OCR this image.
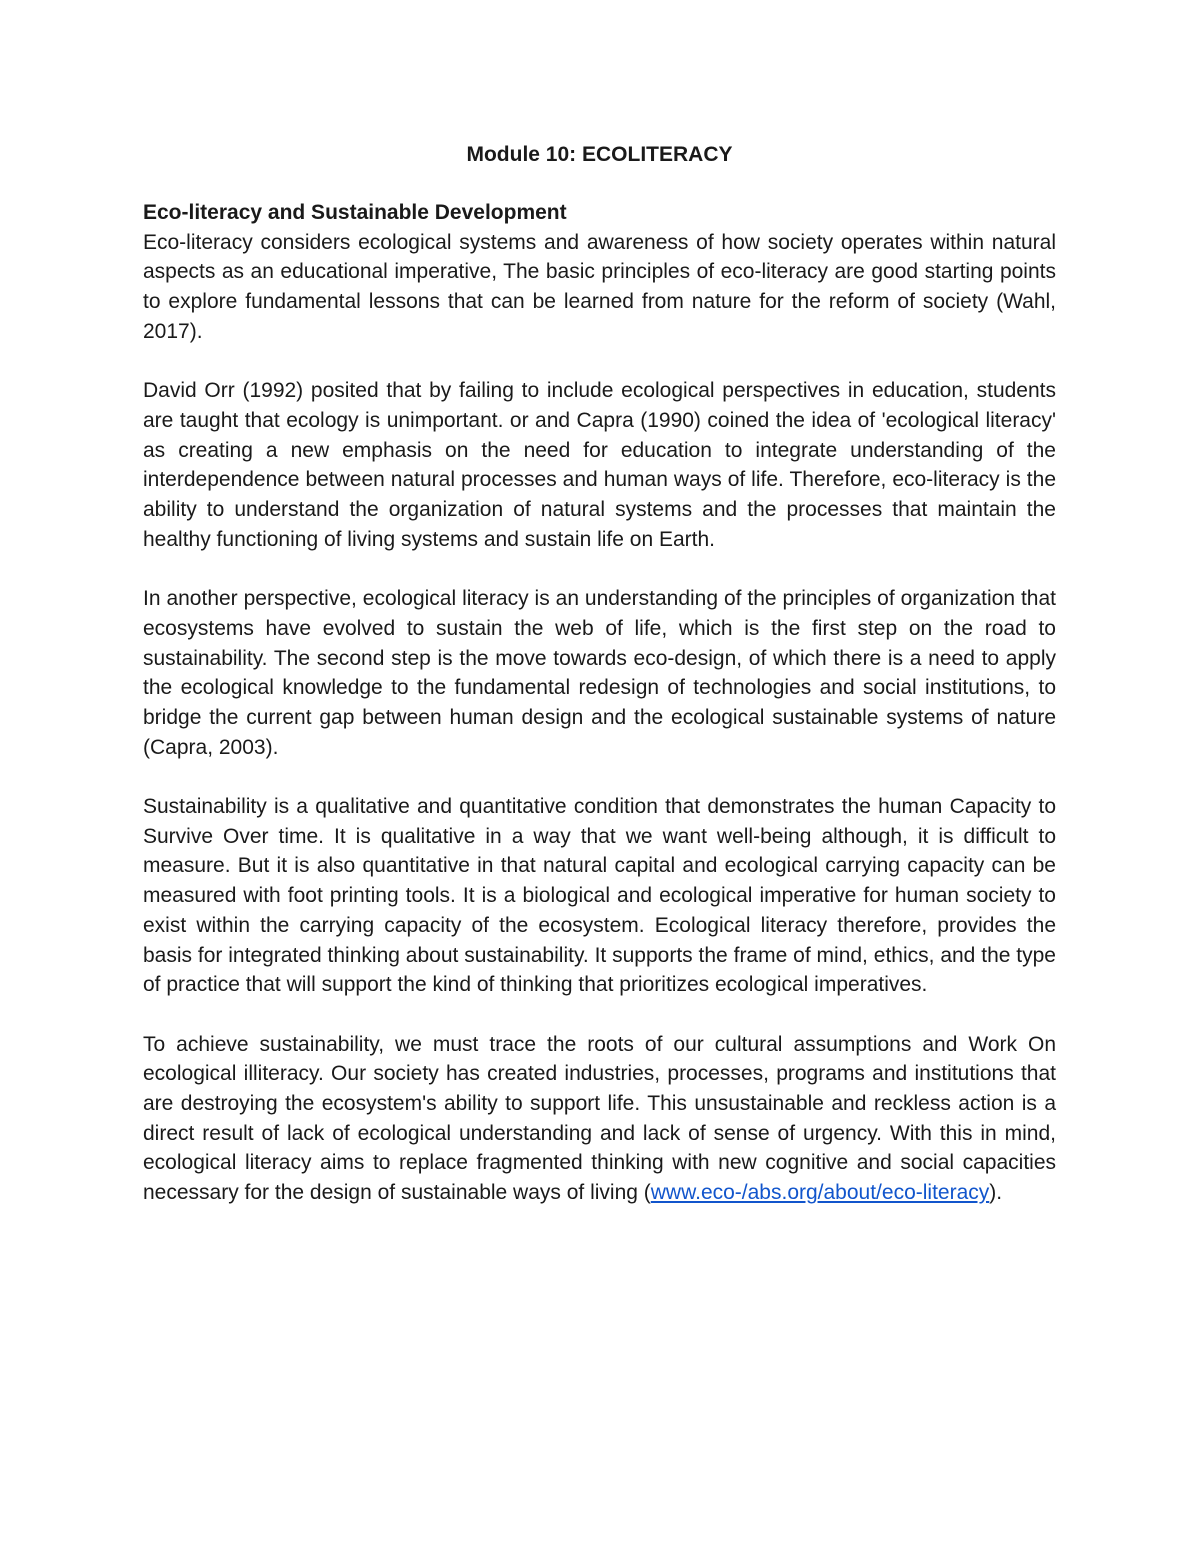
Module 10: ECOLITERACY
Eco-literacy and Sustainable Development

Eco-literacy considers ecological systems and awareness of how society operates within natural aspects as an educational imperative, The basic principles of eco-literacy are good starting points to explore fundamental lessons that can be learned from nature for the reform of society (Wahl, 2017).

David Orr (1992) posited that by failing to include ecological perspectives in education, students are taught that ecology is unimportant. or and Capra (1990) coined the idea of 'ecological literacy' as creating a new emphasis on the need for education to integrate understanding of the interdependence between natural processes and human ways of life. Therefore, eco-literacy is the ability to understand the organization of natural systems and the processes that maintain the healthy functioning of living systems and sustain life on Earth.

In another perspective, ecological literacy is an understanding of the principles of organization that ecosystems have evolved to sustain the web of life, which is the first step on the road to sustainability. The second step is the move towards eco-design, of which there is a need to apply the ecological knowledge to the fundamental redesign of technologies and social institutions, to bridge the current gap between human design and the ecological sustainable systems of nature (Capra, 2003).

Sustainability is a qualitative and quantitative condition that demonstrates the human Capacity to Survive Over time. It is qualitative in a way that we want well-being although, it is difficult to measure. But it is also quantitative in that natural capital and ecological carrying capacity can be measured with foot printing tools. It is a biological and ecological imperative for human society to exist within the carrying capacity of the ecosystem. Ecological literacy therefore, provides the basis for integrated thinking about sustainability. It supports the frame of mind, ethics, and the type of practice that will support the kind of thinking that prioritizes ecological imperatives.

To achieve sustainability, we must trace the roots of our cultural assumptions and Work On ecological illiteracy. Our society has created industries, processes, programs and institutions that are destroying the ecosystem's ability to support life. This unsustainable and reckless action is a direct result of lack of ecological understanding and lack of sense of urgency. With this in mind, ecological literacy aims to replace fragmented thinking with new cognitive and social capacities necessary for the design of sustainable ways of living (www.eco-/abs.org/about/eco-literacy).
